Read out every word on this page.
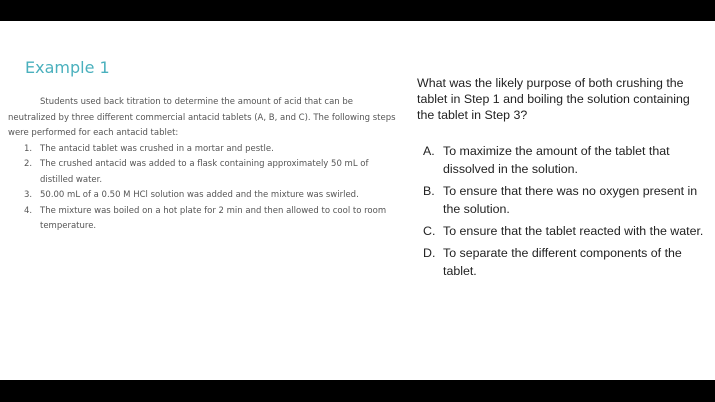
Example 1

Students used back titration to determine the amount of acid that can be neutralized by three different commercial antacid tablets (A, B, and C). The following steps were performed for each antacid tablet:

1. The antacid tablet was crushed in a mortar and pestle.
2. The crushed antacid was added to a flask containing approximately 50 mL of distilled water.
3. 50.00 mL of a 0.50 M HCl solution was added and the mixture was swirled.
4. The mixture was boiled on a hot plate for 2 min and then allowed to cool to room temperature.

What was the likely purpose of both crushing the tablet in Step 1 and boiling the solution containing the tablet in Step 3?

A. To maximize the amount of the tablet that dissolved in the solution.
B. To ensure that there was no oxygen present in the solution.
C. To ensure that the tablet reacted with the water.
D. To separate the different components of the tablet.
